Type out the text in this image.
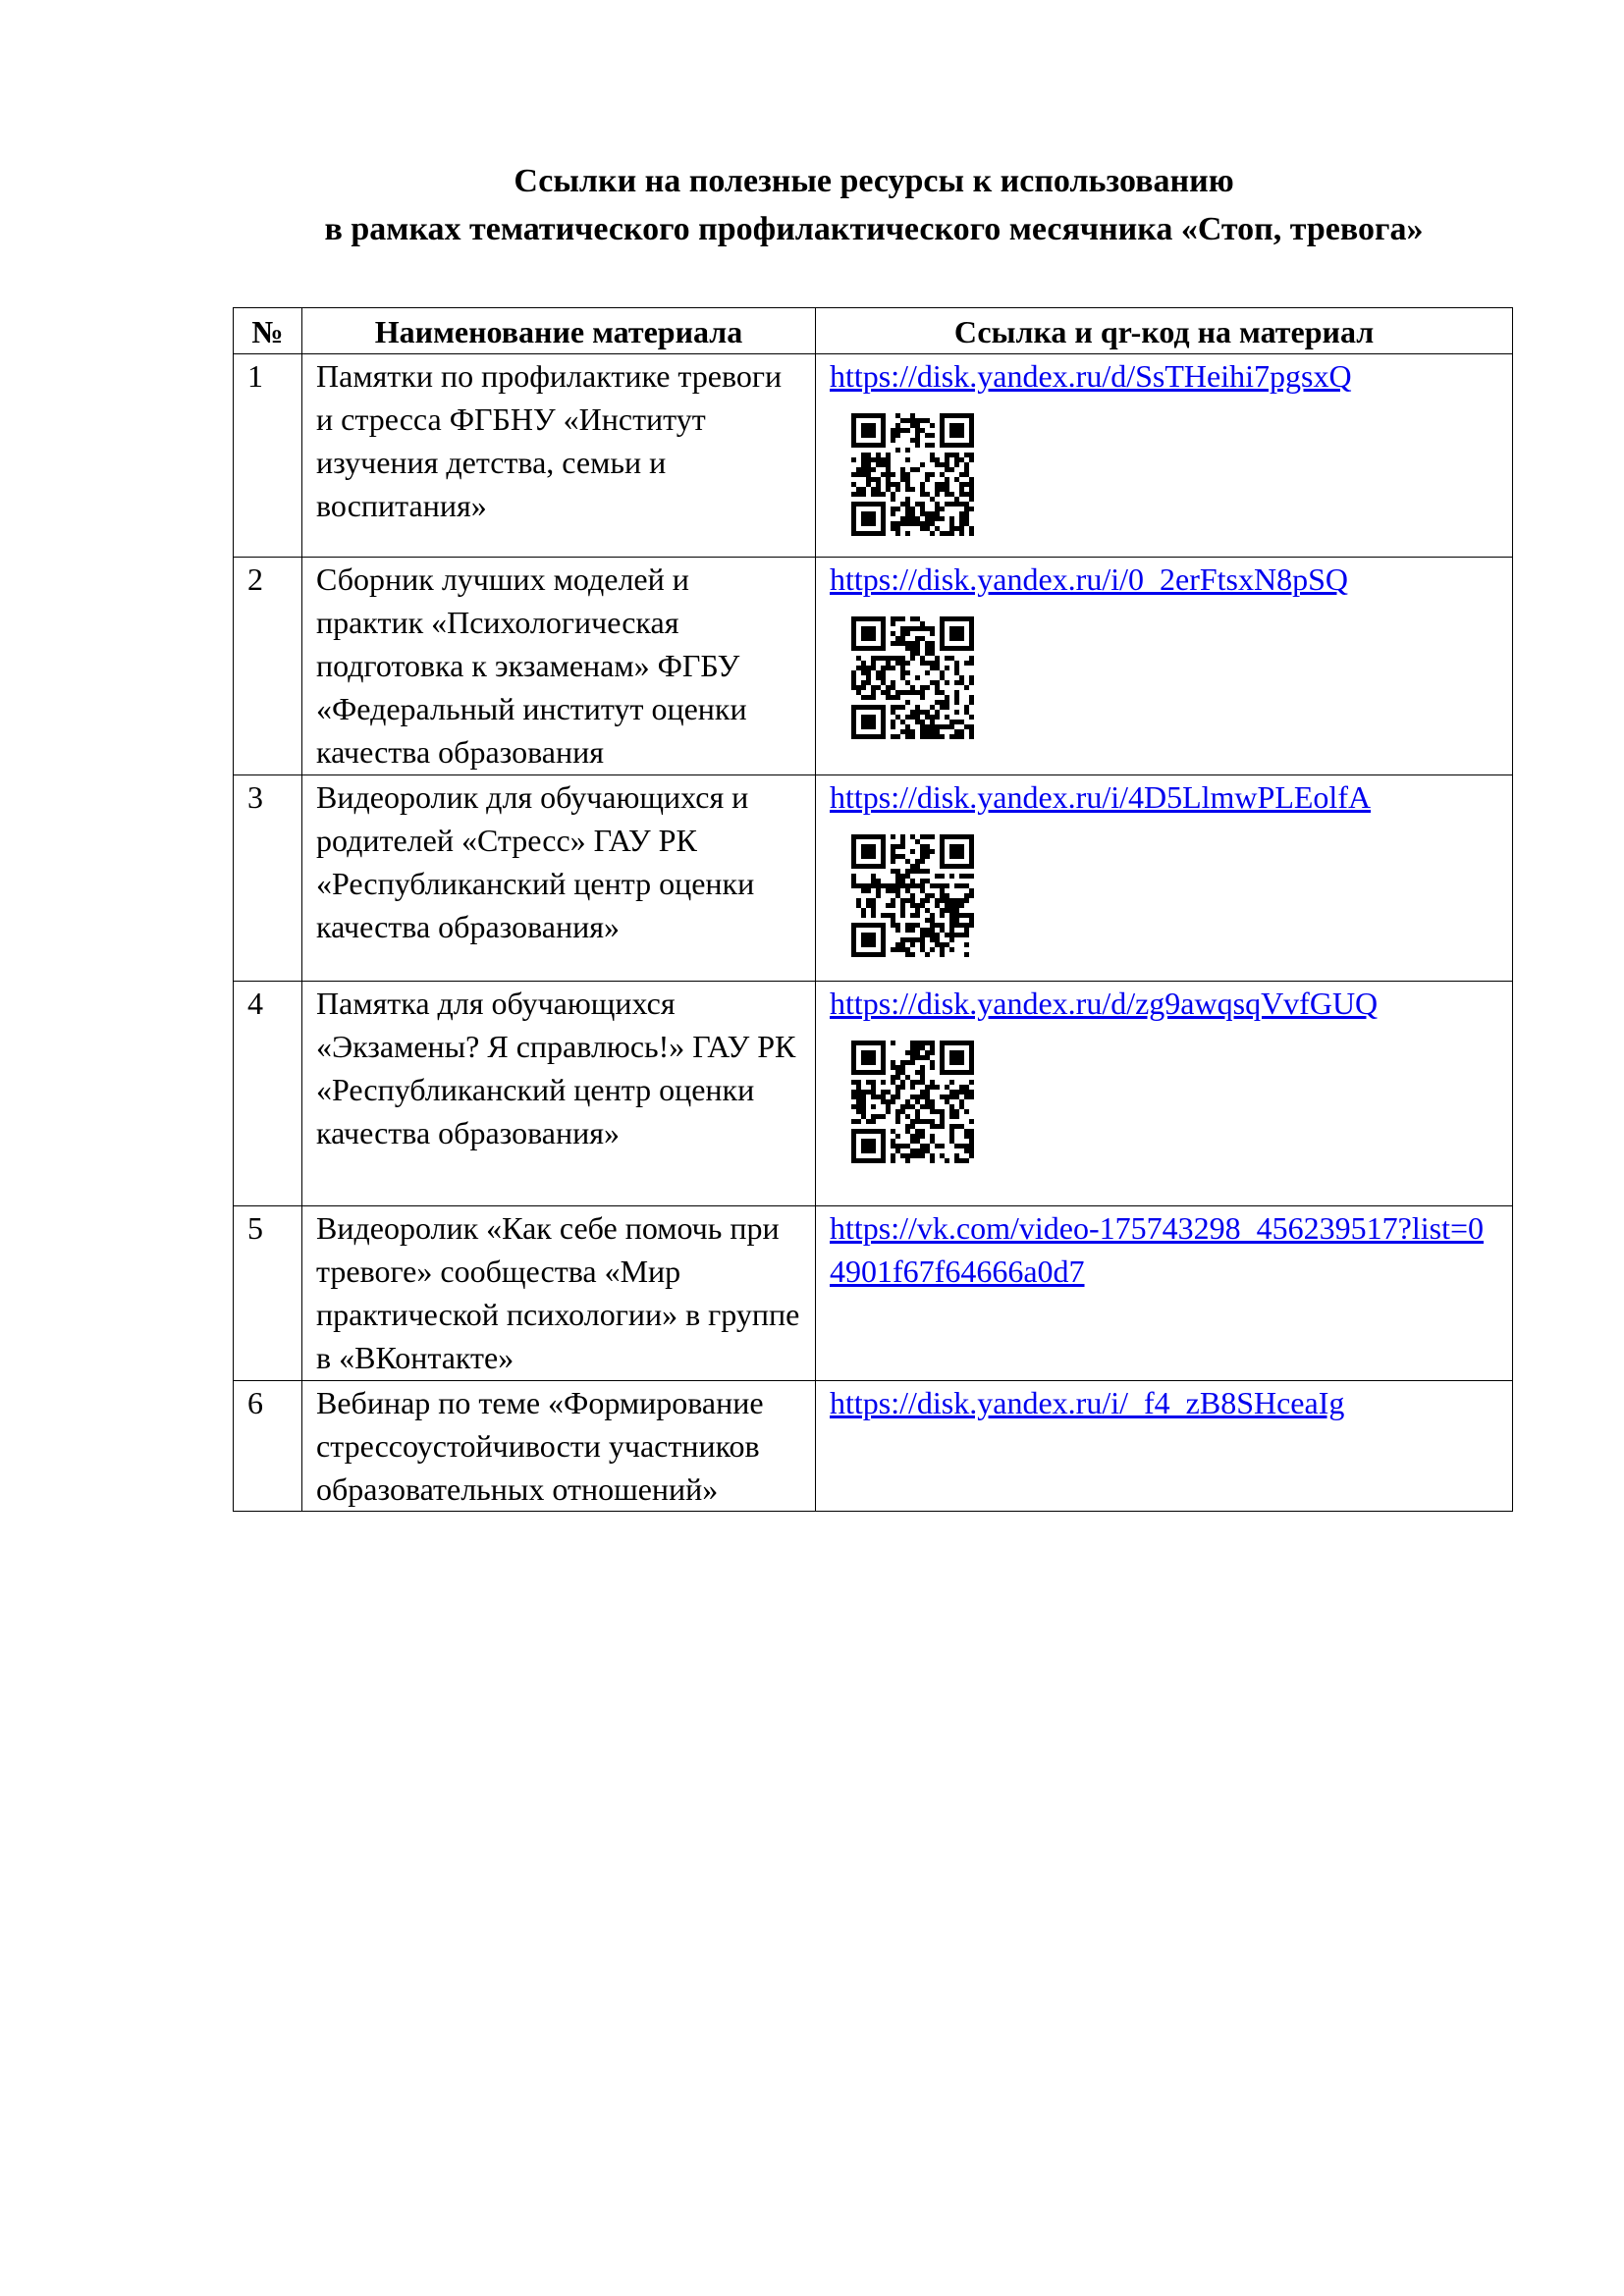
Ссылки на полезные ресурсы к использованию
в рамках тематического профилактического месячника «Стоп, тревога»
№	Наименование материала	Ссылка и qr-код на материал
1	Памятки по профилактике тревоги и стресса ФГБНУ «Институт изучения детства, семьи и воспитания»	https://disk.yandex.ru/d/SsTHeihi7pgsxQ

2	Сборник лучших моделей и практик «Психологическая подготовка к экзаменам» ФГБУ «Федеральный институт оценки качества образования	https://disk.yandex.ru/i/0_2erFtsxN8pSQ

3	Видеоролик для обучающихся и родителей «Стресс» ГАУ РК «Республиканский центр оценки качества образования»	https://disk.yandex.ru/i/4D5LlmwPLEolfA

4	Памятка для обучающихся «Экзамены? Я справлюсь!» ГАУ РК «Республиканский центр оценки качества образования»	https://disk.yandex.ru/d/zg9awqsqVvfGUQ

5	Видеоролик «Как себе помочь при тревоге» сообщества «Мир практической психологии» в группе в «ВКонтакте»	https://vk.com/video-175743298_456239517?list=04901f67f64666a0d7
6	Вебинар по теме «Формирование стрессоустойчивости участников образовательных отношений»	https://disk.yandex.ru/i/_f4_zB8SHceaIg
